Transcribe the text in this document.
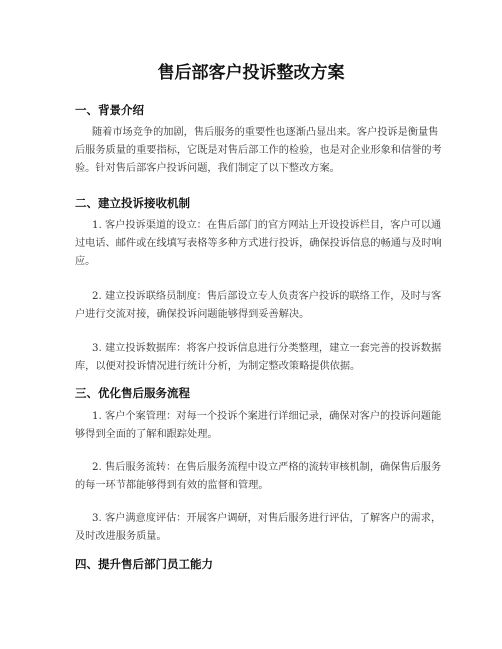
售后部客户投诉整改方案
一、背景介绍

随着市场竞争的加剧，售后服务的重要性也逐渐凸显出来。客户投诉是衡量售
后服务质量的重要指标，它既是对售后部工作的检验，也是对企业形象和信誉的考
验。针对售后部客户投诉问题，我们制定了以下整改方案。

二、建立投诉接收机制

1. 客户投诉渠道的设立：在售后部门的官方网站上开设投诉栏目，客户可以通
过电话、邮件或在线填写表格等多种方式进行投诉，确保投诉信息的畅通与及时响
应。

2. 建立投诉联络员制度：售后部设立专人负责客户投诉的联络工作，及时与客
户进行交流对接，确保投诉问题能够得到妥善解决。

3. 建立投诉数据库：将客户投诉信息进行分类整理，建立一套完善的投诉数据
库，以便对投诉情况进行统计分析，为制定整改策略提供依据。

三、优化售后服务流程

1. 客户个案管理：对每一个投诉个案进行详细记录，确保对客户的投诉问题能
够得到全面的了解和跟踪处理。

2. 售后服务流转：在售后服务流程中设立严格的流转审核机制，确保售后服务
的每一环节都能够得到有效的监督和管理。

3. 客户满意度评估：开展客户调研，对售后服务进行评估，了解客户的需求，
及时改进服务质量。

四、提升售后部门员工能力
